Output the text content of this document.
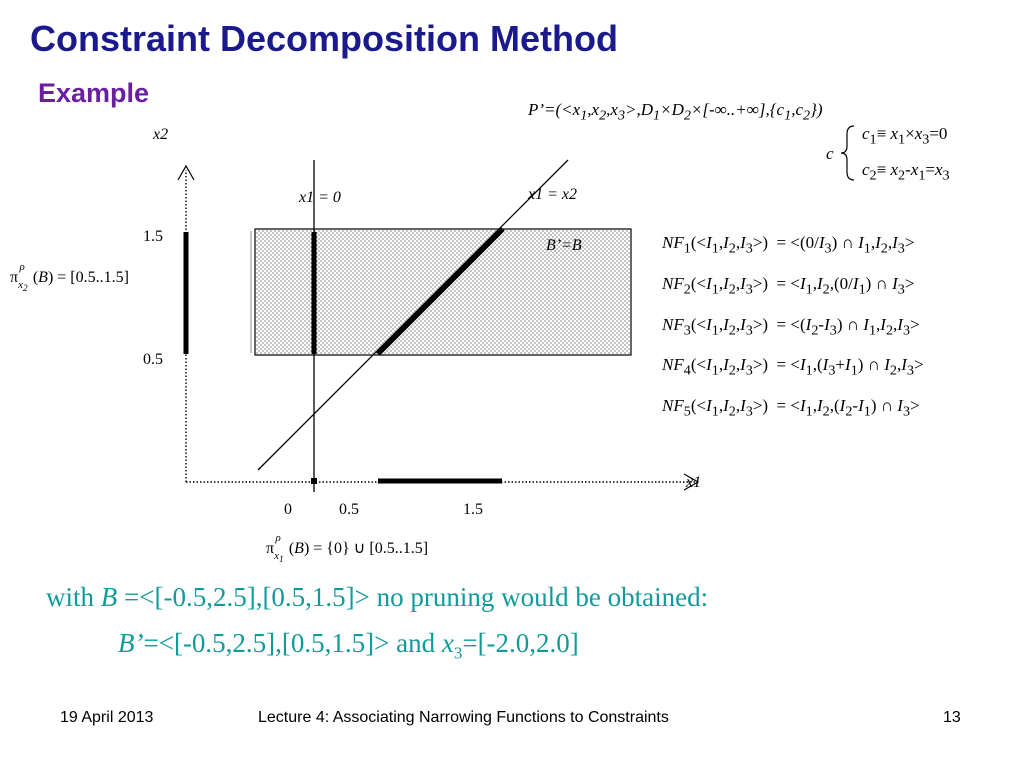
Constraint Decomposition Method
Example
$P’=(<x_1,x_2,x_3>,D_1\times D_2\times[-\infty..+\infty],\{c_1,c_2\})$
c
$c_1\equiv x_1\times x_3=0$
$c_2\equiv x_2-x_1=x_3$
$NF_1(<I_1,I_2,I_3>) = <(0/I_3)$ ∩ $I_1,I_2,I_3>$
$NF_2(<I_1,I_2,I_3>) = <I_1,I_2,(0/I_1)$ ∩ $I_3>$
$NF_3(<I_1,I_2,I_3>) = <(I_2-I_3)$ ∩ $I_1,I_2,I_3>$
$NF_4(<I_1,I_2,I_3>) = <I_1,(I_3+I_1)$ ∩ $I_2,I_3>$
$NF_5(<I_1,I_2,I_3>) = <I_1,I_2,(I_2-I_1)$ ∩ $I_3>$
x2
x1
x1 = 0	x1 = x2
B’=B
1.5
0.5
0	0.5	1.5
$\pi_{x_2}^\rho(B) = [0.5..1.5]$
$\pi_{x_1}^\rho(B) = \{0\}$ ∪ [0.5..1.5]
with B =<[-0.5,2.5],[0.5,1.5]> no pruning would be obtained:
B’=<[-0.5,2.5],[0.5,1.5]> and $x_3=[-2.0,2.0]$
19 April 2013	Lecture 4: Associating Narrowing Functions to Constraints	13
